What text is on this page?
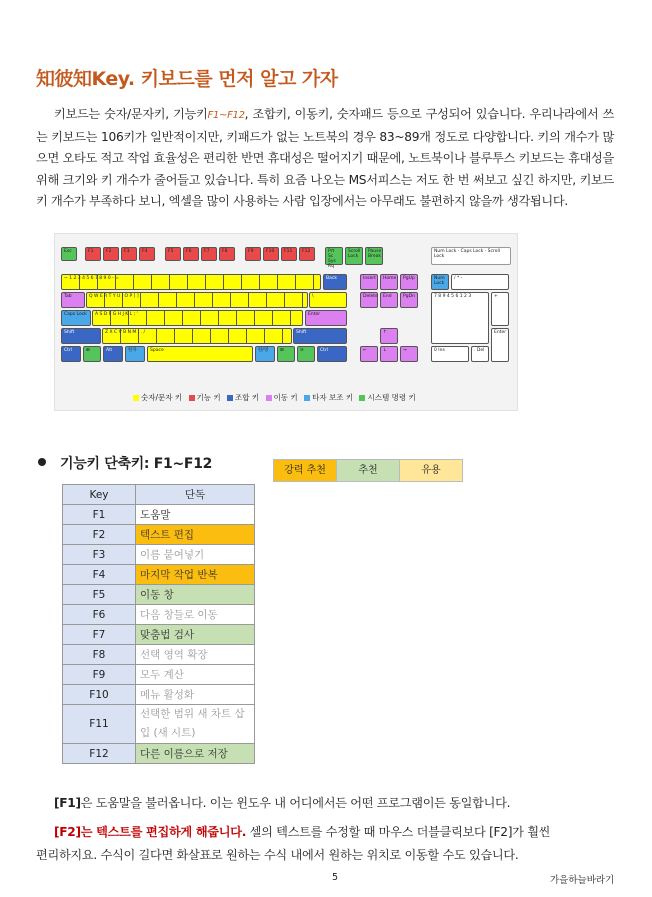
知彼知Key. 키보드를 먼저 알고 가자

키보드는 숫자/문자키, 기능키F1~F12, 조합키, 이동키, 숫자패드 등으로 구성되어 있습니다. 우리나라에서 쓰는 키보드는 106키가 일반적이지만, 키패드가 없는 노트북의 경우 83~89개 정도로 다양합니다. 키의 개수가 많으면 오타도 적고 작업 효율성은 편리한 반면 휴대성은 떨어지기 때문에, 노트북이나 블루투스 키보드는 휴대성을 위해 크기와 키 개수가 줄어들고 있습니다. 특히 요즘 나오는 MS서피스는 저도 한 번 써보고 싶긴 하지만, 키보드 키 개수가 부족하다 보니, 엑셀을 많이 사용하는 사람 입장에서는 아무래도 불편하지 않을까 생각됩니다.

Esc	F1	F2	F3	F4	F5	F6	F7	F8	F9	F10	F11	F12	Prt Sc Sys Rq
Scroll Lock
Pause Break
Num Lock · Caps Lock · Scroll Lock
~ 1 2 3 4 5 6 7 8 9 0 - =	Back	Insert	Home	PgUp	Num Lock
/ * -
Tab	Q W E R T Y U I O P [ ]	\	Delete	End	PgDn	7 8 9 4 5 6 1 2 3	+
Caps Lock	A S D F G H J K L ; '	Enter
Shift	Z X C V B N M , . /	Shift	↑	Enter
Ctrl	⊞	Alt	한자	Space	한/영	⊞	≡	Ctrl	←	↓	→	0 Ins	. Del
숫자/문자 키 기능 키 조합 키 이동 키 타자 보조 키 시스템 명령 키
기능키 단축키: F1~F12	강력 추천	추천	유용
Key	단독
F1	도움말
F2	텍스트 편집
F3	이름 붙여넣기
F4	마지막 작업 반복
F5	이동 창
F6	다음 창들로 이동
F7	맞춤법 검사
F8	선택 영역 확장
F9	모두 계산
F10	메뉴 활성화
F11	선택한 범위 새 차트 삽입 (새 시트)
F12	다른 이름으로 저장
[F1]은 도움말을 불러옵니다. 이는 윈도우 내 어디에서든 어떤 프로그램이든 동일합니다.
[F2]는 텍스트를 편집하게 해줍니다. 셀의 텍스트를 수정할 때 마우스 더블클릭보다 [F2]가 훨씬
편리하지요. 수식이 길다면 화살표로 원하는 수식 내에서 원하는 위치로 이동할 수도 있습니다.
5	가을하늘바라기
